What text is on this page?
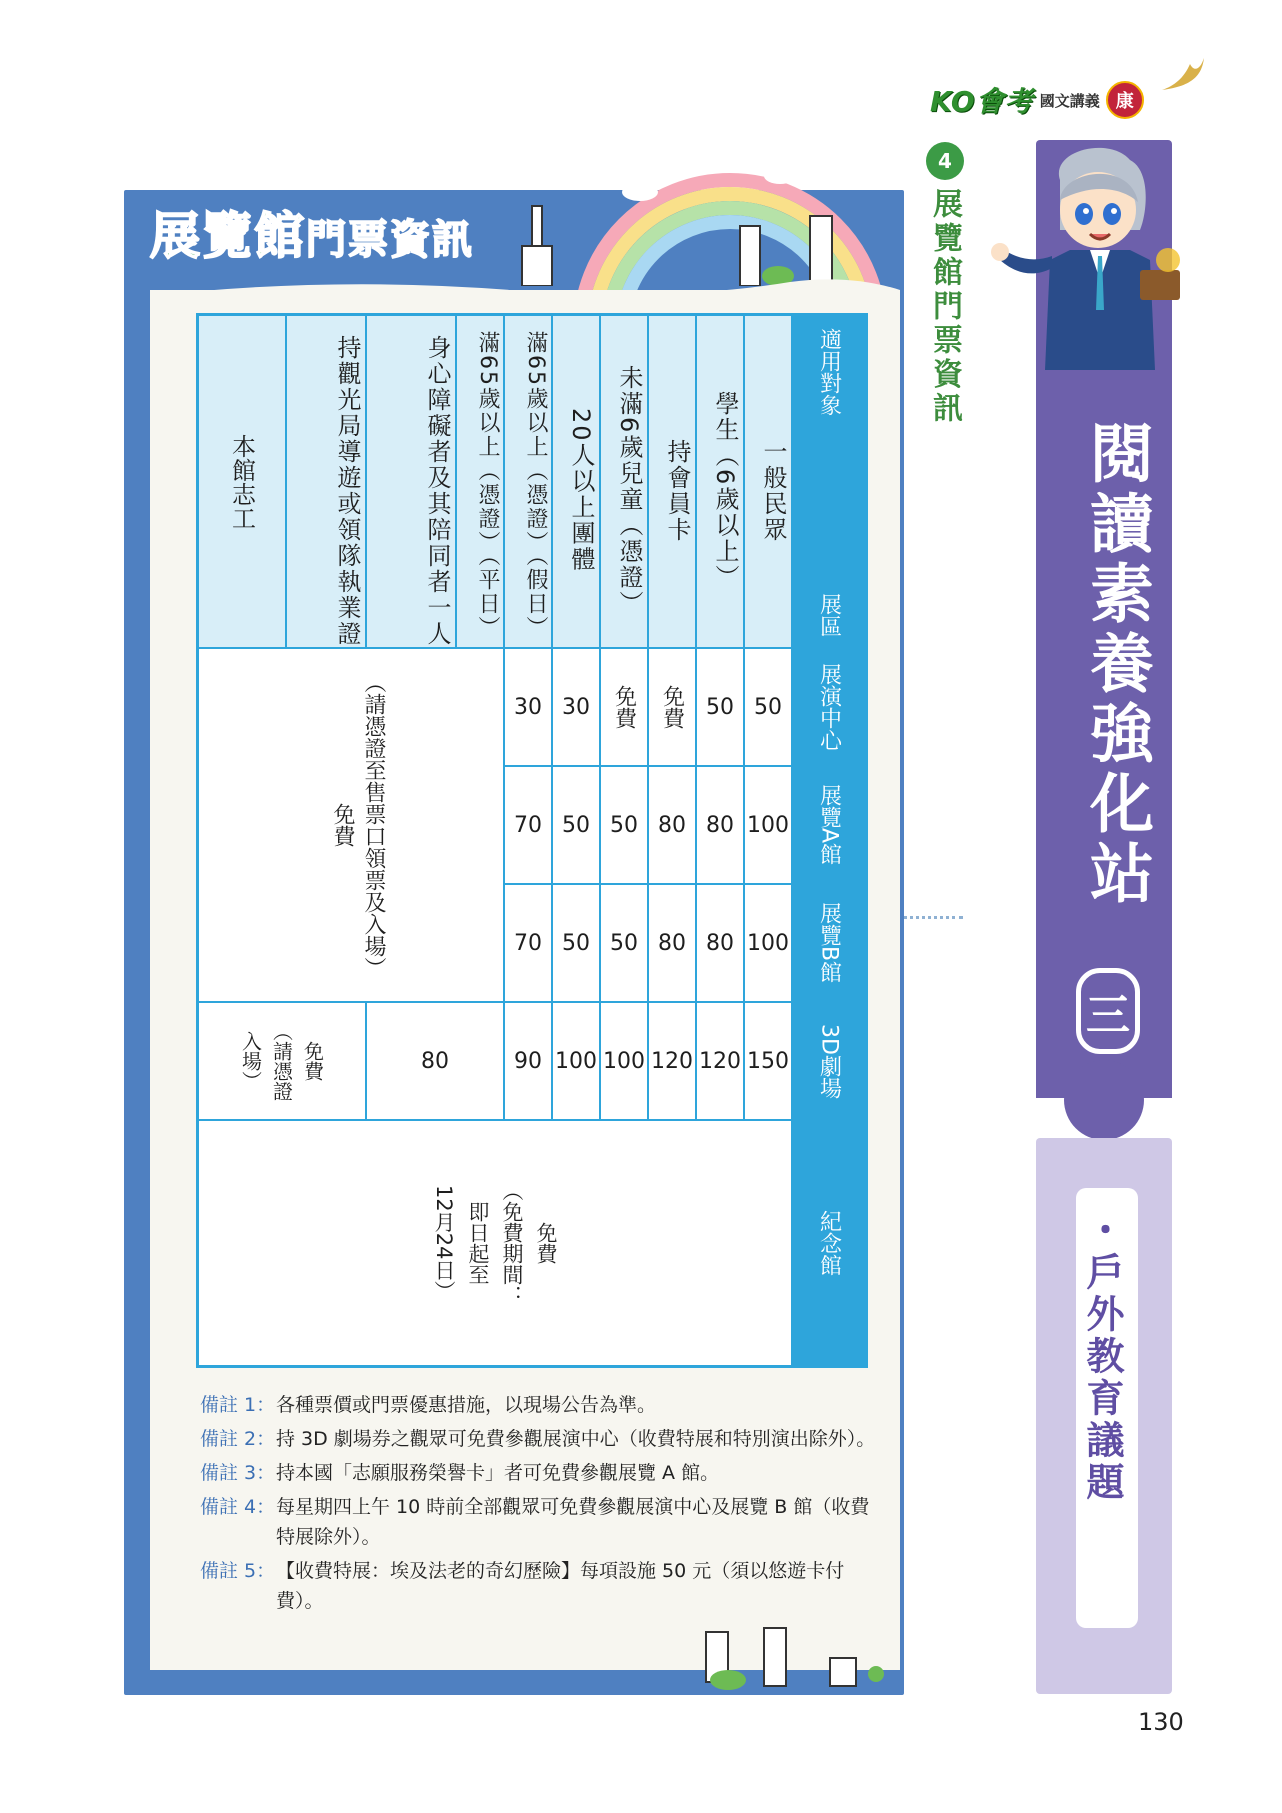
KO會考 國文講義 康
閱讀素養強化站
三
・戶外教育議題
4
展覽館門票資訊
展覽館門票資訊
適用對象
展區
展演中心
展覽A館
展覽B館
3D劇場
紀念館
一般民眾
學生（6歲以上）
持會員卡
未滿6歲兒童（憑證）
20人以上團體
滿65歲以上（憑證）（假日）
滿65歲以上（憑證）（平日）
身心障礙者及其陪同者一人
持觀光局導遊或領隊執業證
本館志工
50
50
免費
免費
30
30
100
80
80
50
50
70
100
80
80
50
50
70
免費 （請憑證至售票口領票及入場）
150
120
120
100
100
90
80
入場） （請憑證 免費
12月24日） 即日起至 （免費期間： 免費
備註 1： 各種票價或門票優惠措施，以現場公告為準。
備註 2： 持 3D 劇場券之觀眾可免費參觀展演中心（收費特展和特別演出除外）。
備註 3： 持本國「志願服務榮譽卡」者可免費參觀展覽 A 館。
備註 4： 每星期四上午 10 時前全部觀眾可免費參觀展演中心及展覽 B 館（收費特展除外）。
備註 5： 【收費特展：埃及法老的奇幻歷險】每項設施 50 元（須以悠遊卡付費）。
130
